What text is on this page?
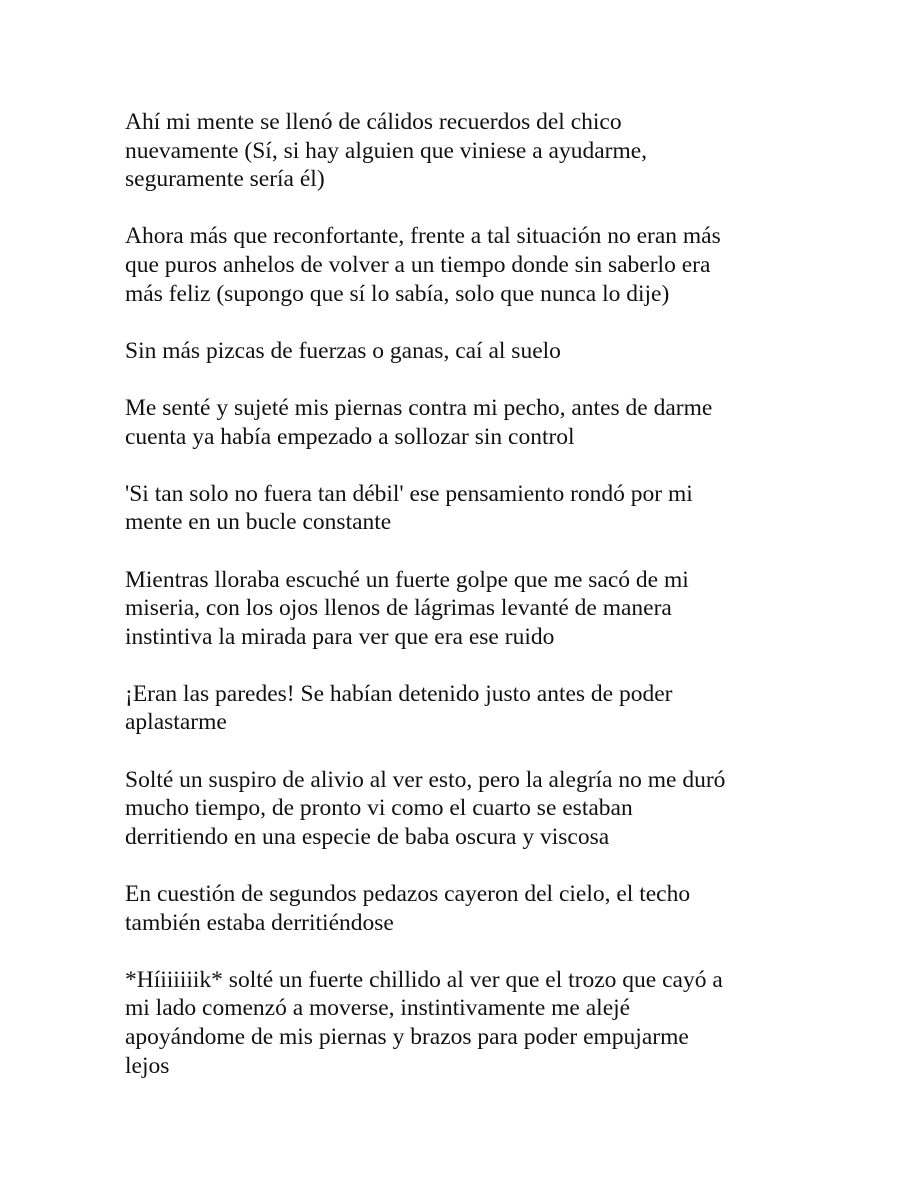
Ahí mi mente se llenó de cálidos recuerdos del chico
nuevamente (Sí, si hay alguien que viniese a ayudarme,
seguramente sería él)

Ahora más que reconfortante, frente a tal situación no eran más
que puros anhelos de volver a un tiempo donde sin saberlo era
más feliz (supongo que sí lo sabía, solo que nunca lo dije)

Sin más pizcas de fuerzas o ganas, caí al suelo

Me senté y sujeté mis piernas contra mi pecho, antes de darme
cuenta ya había empezado a sollozar sin control

'Si tan solo no fuera tan débil' ese pensamiento rondó por mi
mente en un bucle constante

Mientras lloraba escuché un fuerte golpe que me sacó de mi
miseria, con los ojos llenos de lágrimas levanté de manera
instintiva la mirada para ver que era ese ruido

¡Eran las paredes! Se habían detenido justo antes de poder
aplastarme

Solté un suspiro de alivio al ver esto, pero la alegría no me duró
mucho tiempo, de pronto vi como el cuarto se estaban
derritiendo en una especie de baba oscura y viscosa

En cuestión de segundos pedazos cayeron del cielo, el techo
también estaba derritiéndose

*Híiiiiiik* solté un fuerte chillido al ver que el trozo que cayó a
mi lado comenzó a moverse, instintivamente me alejé
apoyándome de mis piernas y brazos para poder empujarme
lejos
